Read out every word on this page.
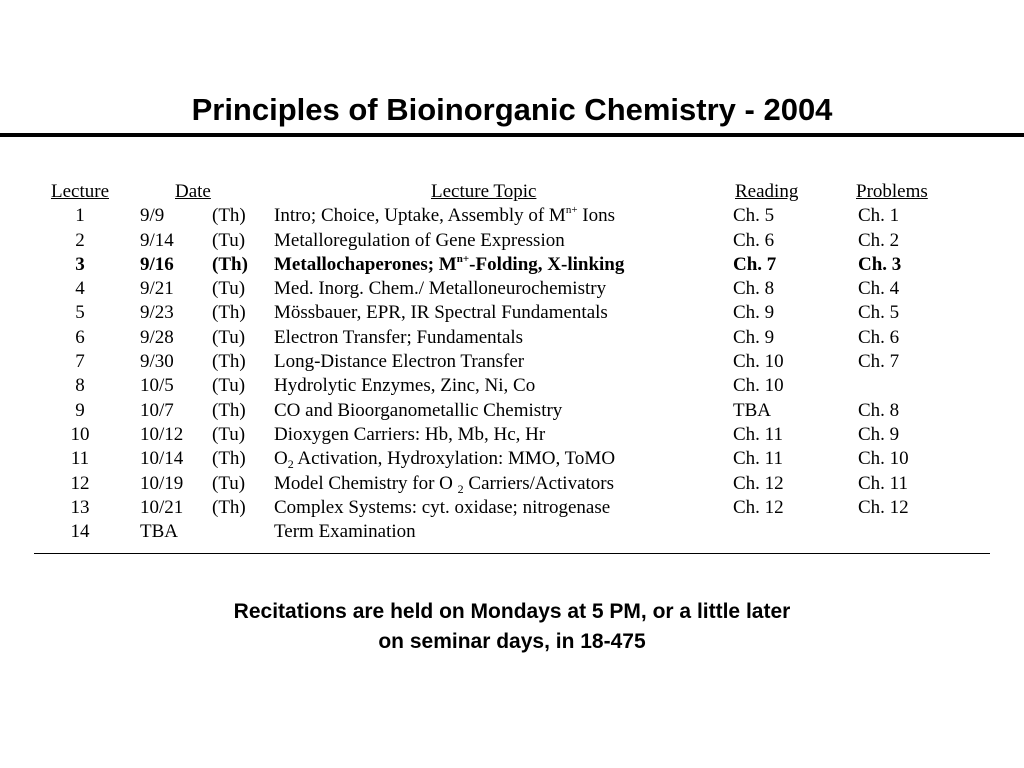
Principles of Bioinorganic Chemistry - 2004
Lecture	Date	Lecture Topic	Reading	Problems
1	9/9	(Th) Intro; Choice, Uptake, Assembly of $M^{n+}$ Ions	Ch. 5	Ch. 1
2	9/14 (Tu) Metalloregulation of Gene Expression	Ch. 6	Ch. 2
3	9/16 (Th) Metallochaperones; $M^{n+}$-Folding, X-linking	Ch. 7	Ch. 3
4	9/21 (Tu) Med. Inorg. Chem./ Metalloneurochemistry	Ch. 8	Ch. 4
5	9/23 (Th) Mössbauer, EPR, IR Spectral Fundamentals	Ch. 9	Ch. 5
6	9/28 (Tu) Electron Transfer; Fundamentals	Ch. 9	Ch. 6
7	9/30 (Th) Long-Distance Electron Transfer	Ch. 10	Ch. 7
8	10/5 (Tu) Hydrolytic Enzymes, Zinc, Ni, Co	Ch. 10
9	10/7 (Th) CO and Bioorganometallic Chemistry	TBA	Ch. 8
10	10/12 (Tu) Dioxygen Carriers: Hb, Mb, Hc, Hr	Ch. 11	Ch. 9
11	10/14 (Th) $O_2$ Activation, Hydroxylation: MMO, ToMO	Ch. 11	Ch. 10
12	10/19 (Tu) Model Chemistry for O $_2$ Carriers/Activators	Ch. 12	Ch. 11
13	10/21 (Th) Complex Systems: cyt. oxidase; nitrogenase	Ch. 12	Ch. 12
14	TBA	Term Examination
Recitations are held on Mondays at 5 PM, or a little later
on seminar days, in 18-475
